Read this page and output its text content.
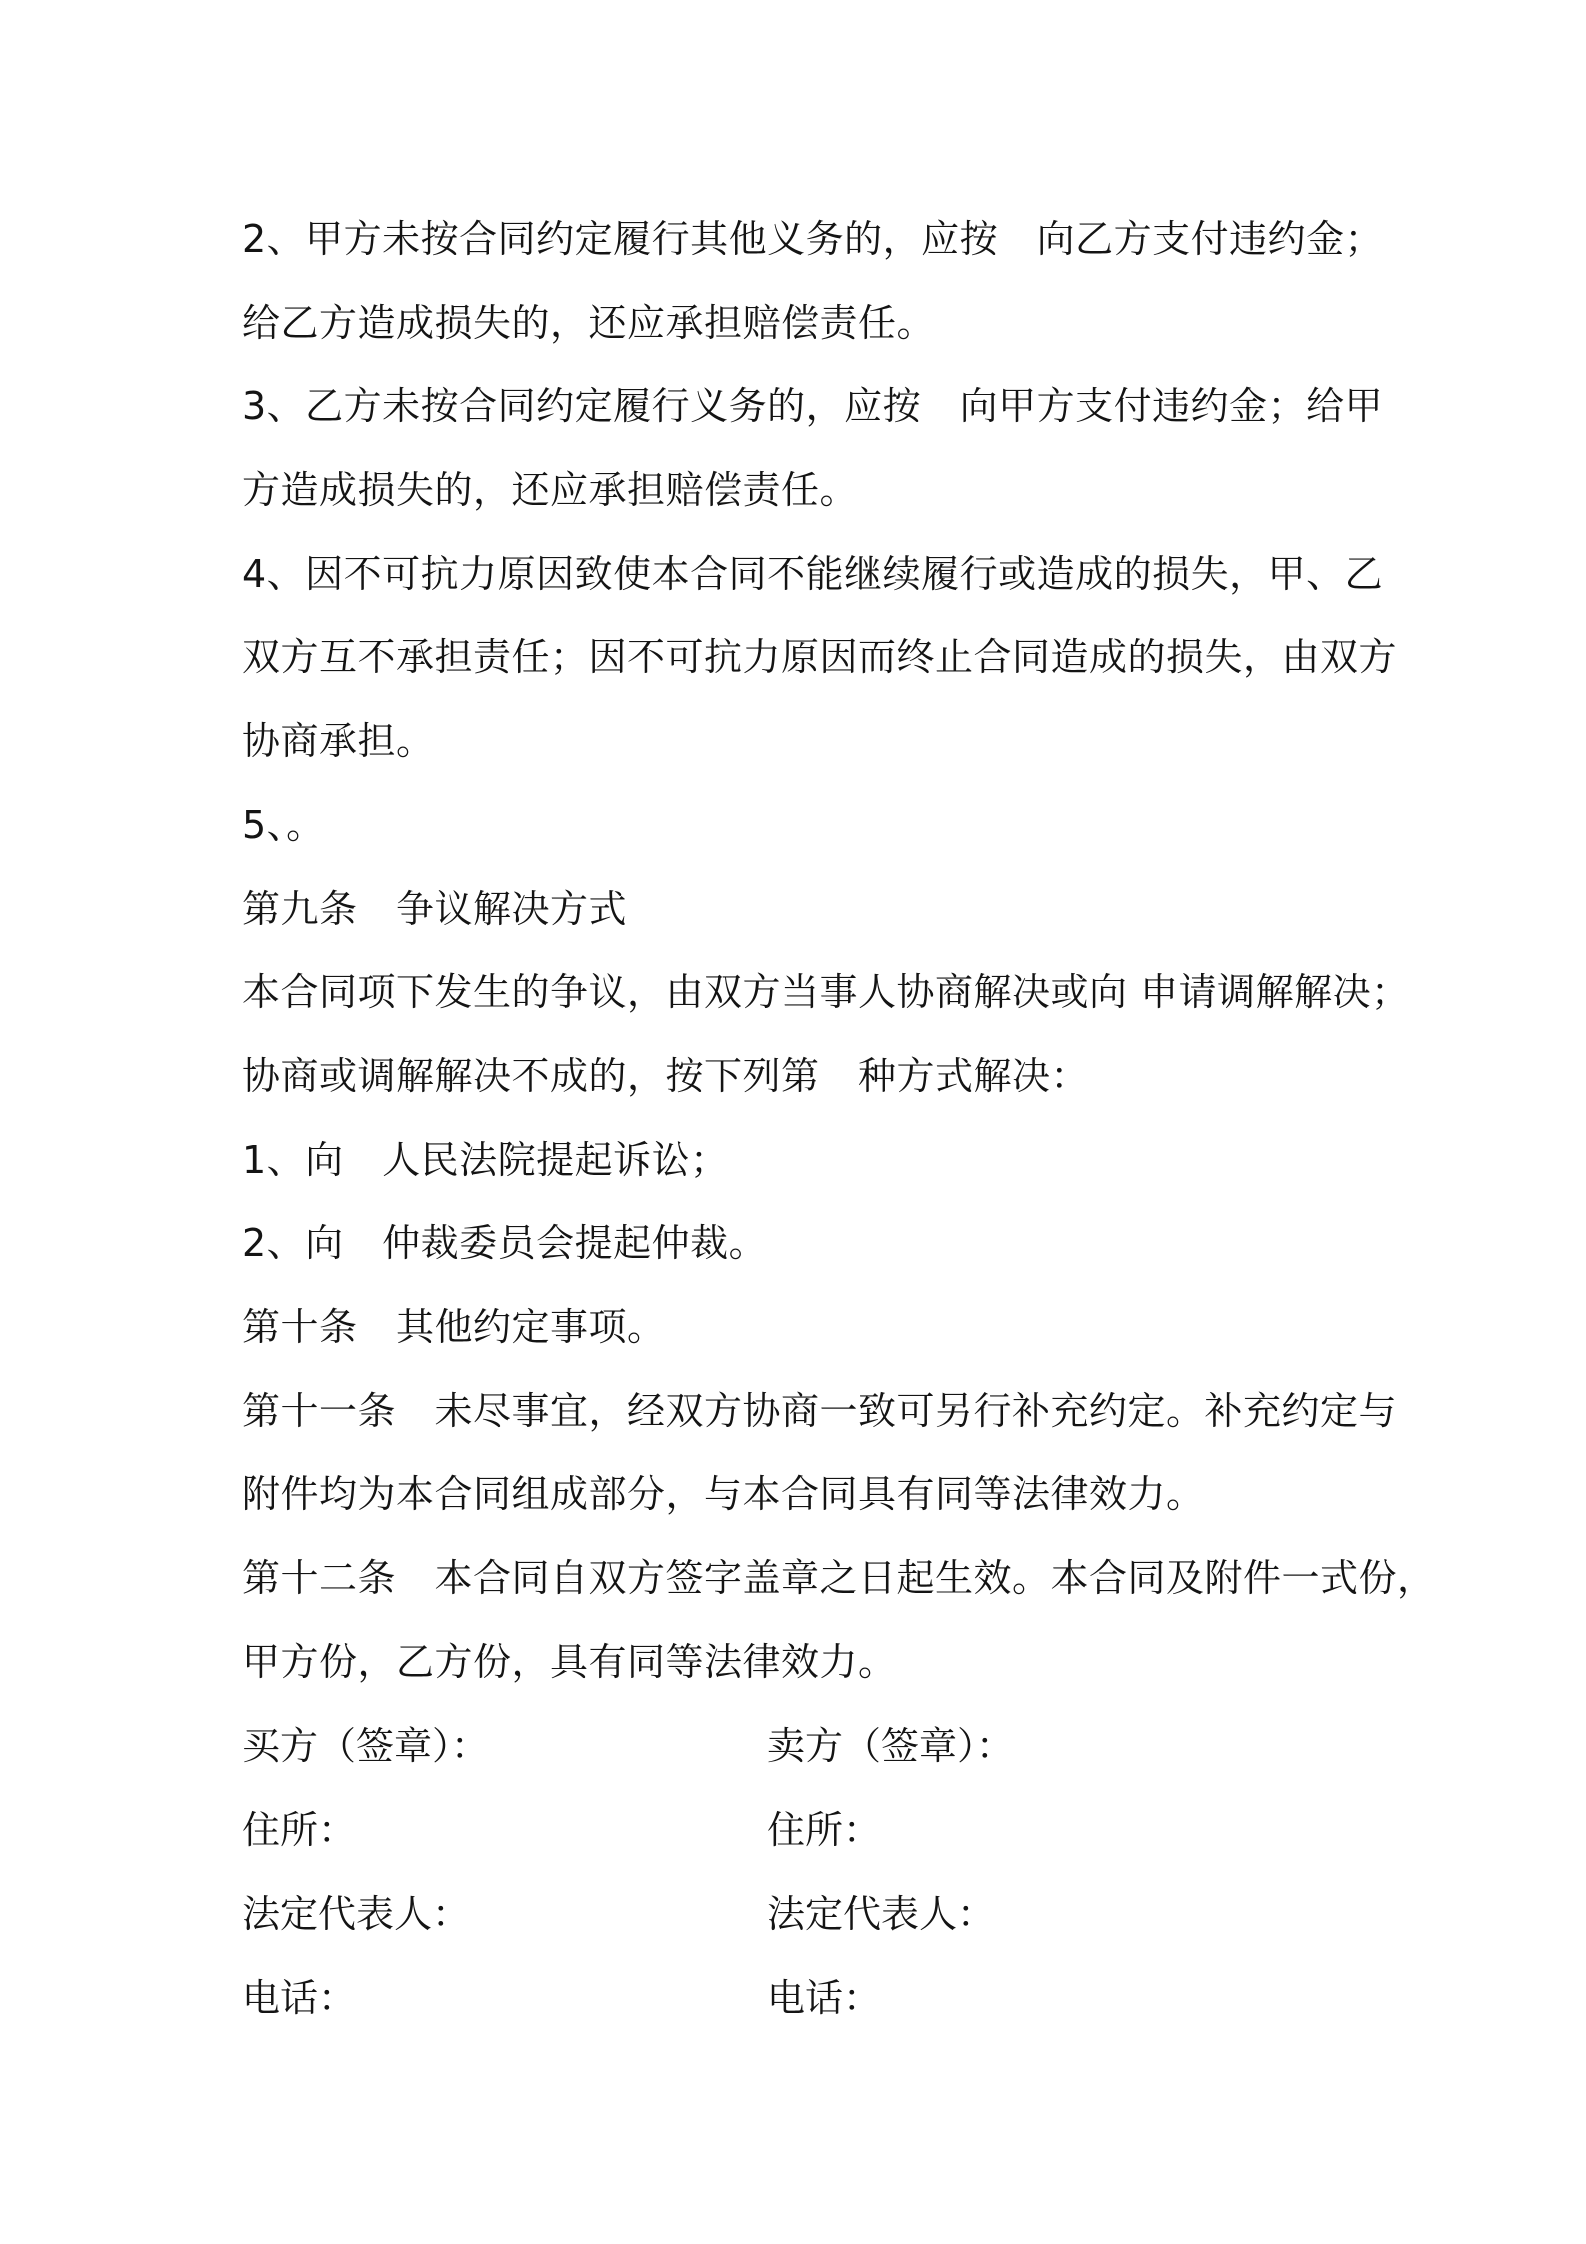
2、甲方未按合同约定履行其他义务的，应按　向乙方支付违约金；
给乙方造成损失的，还应承担赔偿责任。
3、乙方未按合同约定履行义务的，应按　向甲方支付违约金；给甲
方造成损失的，还应承担赔偿责任。
4、因不可抗力原因致使本合同不能继续履行或造成的损失，甲、乙
双方互不承担责任；因不可抗力原因而终止合同造成的损失，由双方
协商承担。
5、。
第九条　争议解决方式
本合同项下发生的争议，由双方当事人协商解决或向 申请调解解决；
协商或调解解决不成的，按下列第　种方式解决：
1、向　人民法院提起诉讼；
2、向　仲裁委员会提起仲裁。
第十条　其他约定事项。
第十一条　未尽事宜，经双方协商一致可另行补充约定。补充约定与
附件均为本合同组成部分，与本合同具有同等法律效力。
第十二条　本合同自双方签字盖章之日起生效。本合同及附件一式份，
甲方份，乙方份，具有同等法律效力。
买方（签章）：	卖方（签章）：
住所：	住所：
法定代表人：	法定代表人：
电话：	电话：
